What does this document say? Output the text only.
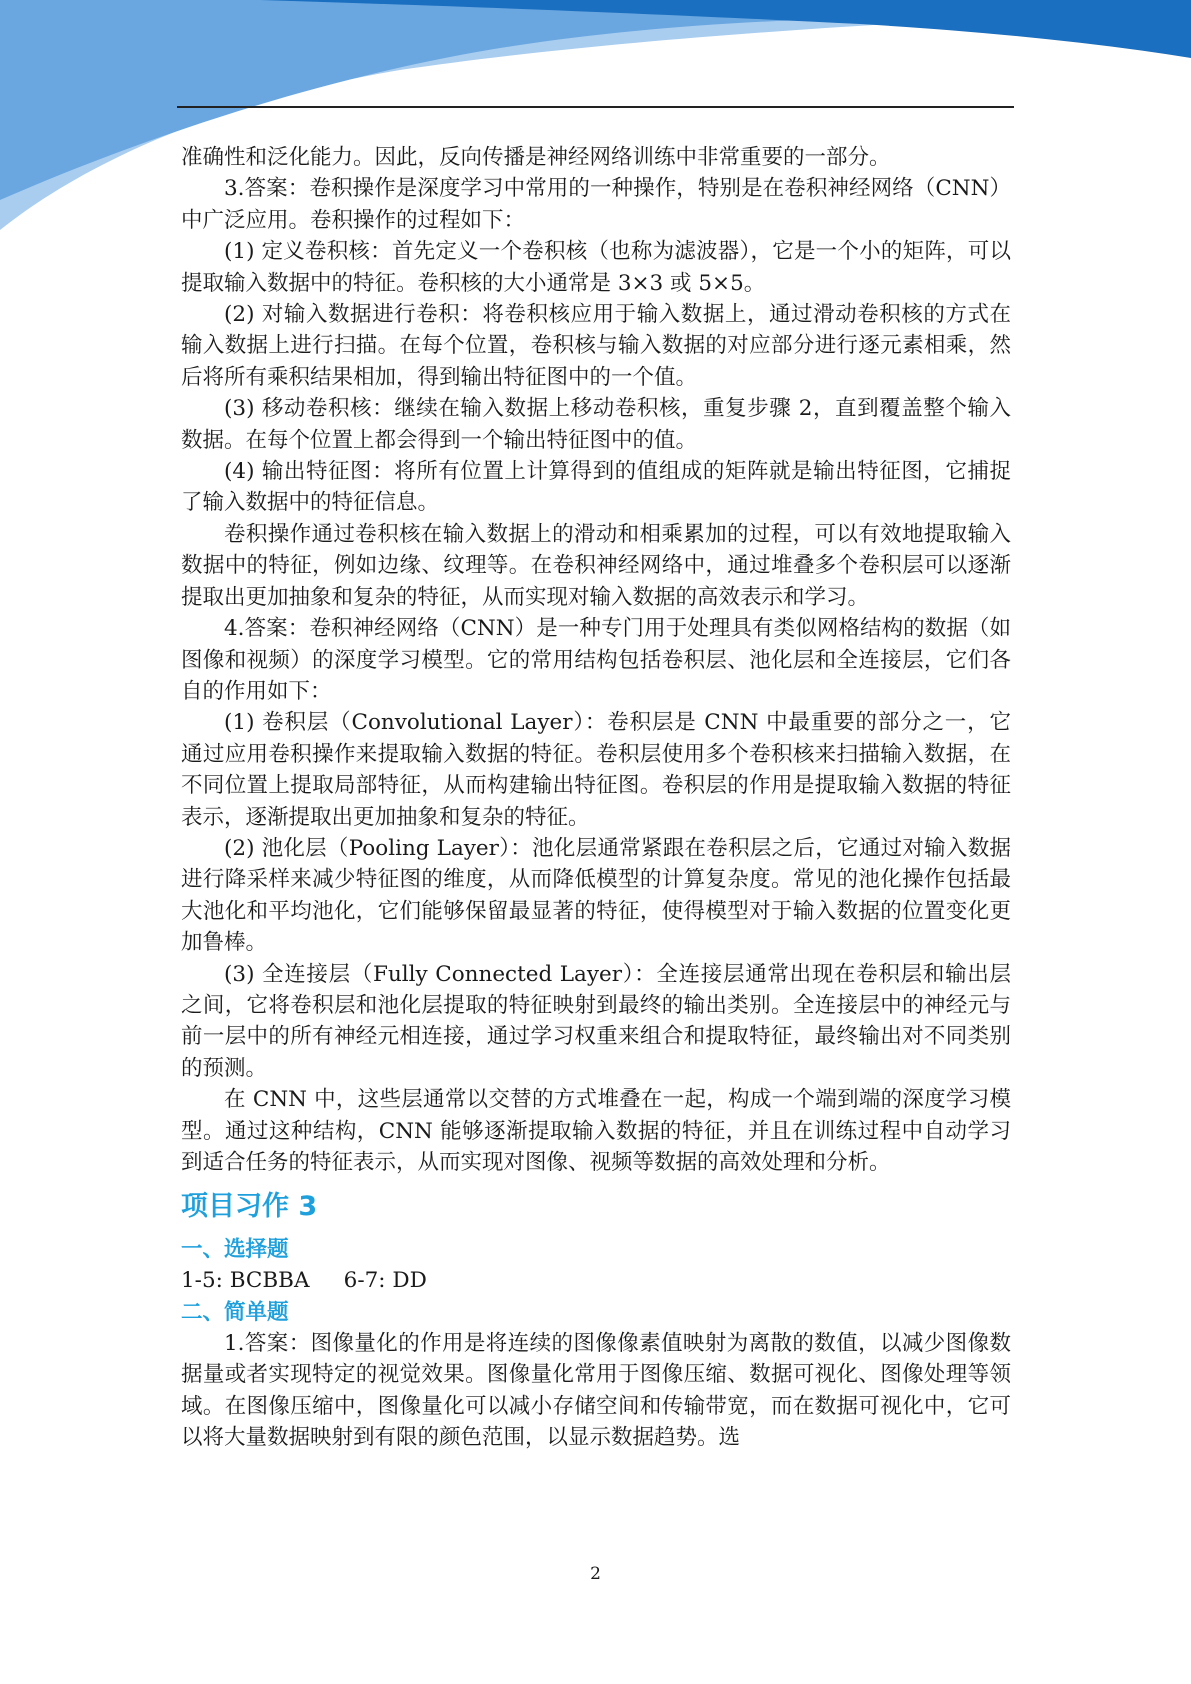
准确性和泛化能力。因此，反向传播是神经网络训练中非常重要的一部分。

3.答案：卷积操作是深度学习中常用的一种操作，特别是在卷积神经网络（CNN）中广泛应用。卷积操作的过程如下：

(1) 定义卷积核：首先定义一个卷积核（也称为滤波器），它是一个小的矩阵，可以提取输入数据中的特征。卷积核的大小通常是 3×3 或 5×5。

(2) 对输入数据进行卷积：将卷积核应用于输入数据上，通过滑动卷积核的方式在输入数据上进行扫描。在每个位置，卷积核与输入数据的对应部分进行逐元素相乘，然后将所有乘积结果相加，得到输出特征图中的一个值。

(3) 移动卷积核：继续在输入数据上移动卷积核，重复步骤 2，直到覆盖整个输入数据。在每个位置上都会得到一个输出特征图中的值。

(4) 输出特征图：将所有位置上计算得到的值组成的矩阵就是输出特征图，它捕捉了输入数据中的特征信息。

卷积操作通过卷积核在输入数据上的滑动和相乘累加的过程，可以有效地提取输入数据中的特征，例如边缘、纹理等。在卷积神经网络中，通过堆叠多个卷积层可以逐渐提取出更加抽象和复杂的特征，从而实现对输入数据的高效表示和学习。

4.答案：卷积神经网络（CNN）是一种专门用于处理具有类似网格结构的数据（如图像和视频）的深度学习模型。它的常用结构包括卷积层、池化层和全连接层，它们各自的作用如下：

(1) 卷积层（Convolutional Layer）：卷积层是 CNN 中最重要的部分之一，它通过应用卷积操作来提取输入数据的特征。卷积层使用多个卷积核来扫描输入数据，在不同位置上提取局部特征，从而构建输出特征图。卷积层的作用是提取输入数据的特征表示，逐渐提取出更加抽象和复杂的特征。

(2) 池化层（Pooling Layer）：池化层通常紧跟在卷积层之后，它通过对输入数据进行降采样来减少特征图的维度，从而降低模型的计算复杂度。常见的池化操作包括最大池化和平均池化，它们能够保留最显著的特征，使得模型对于输入数据的位置变化更加鲁棒。

(3) 全连接层（Fully Connected Layer）：全连接层通常出现在卷积层和输出层之间，它将卷积层和池化层提取的特征映射到最终的输出类别。全连接层中的神经元与前一层中的所有神经元相连接，通过学习权重来组合和提取特征，最终输出对不同类别的预测。

在 CNN 中，这些层通常以交替的方式堆叠在一起，构成一个端到端的深度学习模型。通过这种结构，CNN 能够逐渐提取输入数据的特征，并且在训练过程中自动学习到适合任务的特征表示，从而实现对图像、视频等数据的高效处理和分析。

项目习作 3
一、选择题

1-5: BCBBA     6-7: DD

二、简单题

1.答案：图像量化的作用是将连续的图像像素值映射为离散的数值，以减少图像数据量或者实现特定的视觉效果。图像量化常用于图像压缩、数据可视化、图像处理等领域。在图像压缩中，图像量化可以减小存储空间和传输带宽，而在数据可视化中，它可以将大量数据映射到有限的颜色范围，以显示数据趋势。选

2
